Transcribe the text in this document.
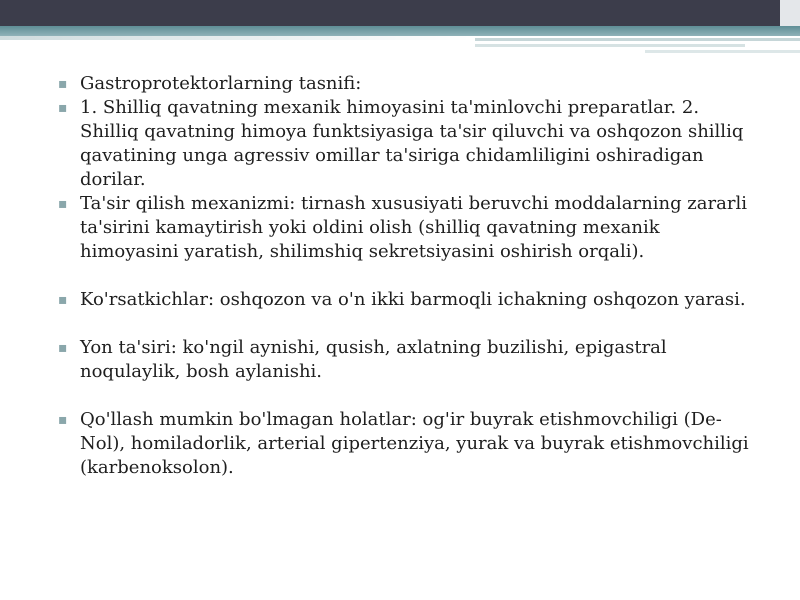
▪ Gastroprotektorlarning tasnifi:
▪ 1. Shilliq qavatning mexanik himoyasini ta'minlovchi preparatlar. 2. Shilliq qavatning himoya funktsiyasiga ta'sir qiluvchi va oshqozon shilliq qavatining unga agressiv omillar ta'siriga chidamliligini oshiradigan dorilar.
▪ Ta'sir qilish mexanizmi: tirnash xususiyati beruvchi moddalarning zararli ta'sirini kamaytirish yoki oldini olish (shilliq qavatning mexanik himoyasini yaratish, shilimshiq sekretsiyasini oshirish orqali).
▪ Ko'rsatkichlar: oshqozon va o'n ikki barmoqli ichakning oshqozon yarasi.
▪ Yon ta'siri: ko'ngil aynishi, qusish, axlatning buzilishi, epigastral noqulaylik, bosh aylanishi.
▪ Qo'llash mumkin bo'lmagan holatlar: og'ir buyrak etishmovchiligi (De-Nol), homiladorlik, arterial gipertenziya, yurak va buyrak etishmovchiligi (karbenoksolon).
